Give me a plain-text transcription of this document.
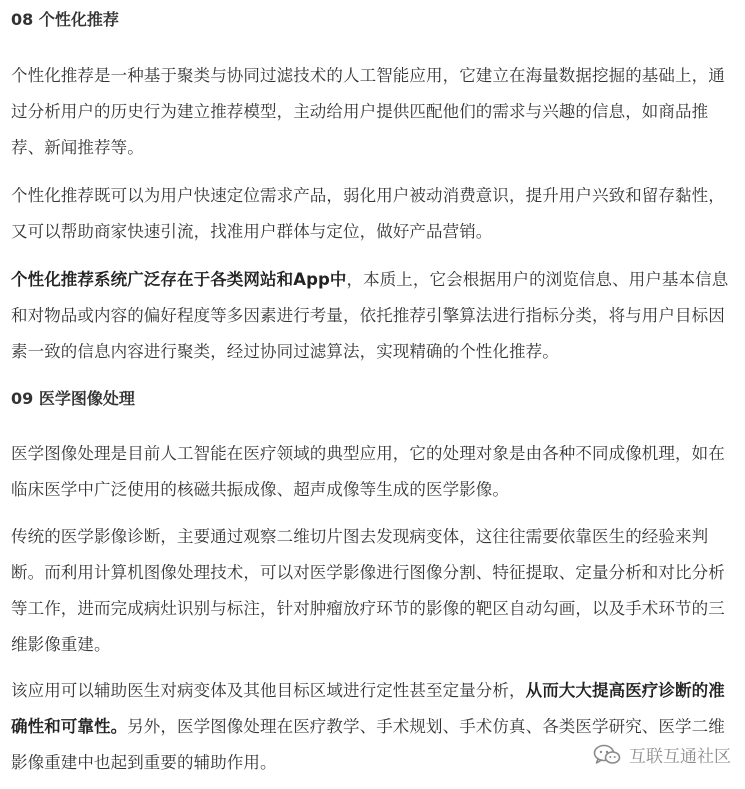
08 个性化推荐

个性化推荐是一种基于聚类与协同过滤技术的人工智能应用，它建立在海量数据挖掘的基础上，通过分析用户的历史行为建立推荐模型，主动给用户提供匹配他们的需求与兴趣的信息，如商品推荐、新闻推荐等。

个性化推荐既可以为用户快速定位需求产品，弱化用户被动消费意识，提升用户兴致和留存黏性，又可以帮助商家快速引流，找准用户群体与定位，做好产品营销。

个性化推荐系统广泛存在于各类网站和App中，本质上，它会根据用户的浏览信息、用户基本信息和对物品或内容的偏好程度等多因素进行考量，依托推荐引擎算法进行指标分类，将与用户目标因素一致的信息内容进行聚类，经过协同过滤算法，实现精确的个性化推荐。

09 医学图像处理

医学图像处理是目前人工智能在医疗领域的典型应用，它的处理对象是由各种不同成像机理，如在临床医学中广泛使用的核磁共振成像、超声成像等生成的医学影像。

传统的医学影像诊断，主要通过观察二维切片图去发现病变体，这往往需要依靠医生的经验来判断。而利用计算机图像处理技术，可以对医学影像进行图像分割、特征提取、定量分析和对比分析等工作，进而完成病灶识别与标注，针对肿瘤放疗环节的影像的靶区自动勾画，以及手术环节的三维影像重建。

该应用可以辅助医生对病变体及其他目标区域进行定性甚至定量分析，从而大大提高医疗诊断的准确性和可靠性。另外，医学图像处理在医疗教学、手术规划、手术仿真、各类医学研究、医学二维影像重建中也起到重要的辅助作用。	互联互通社区
